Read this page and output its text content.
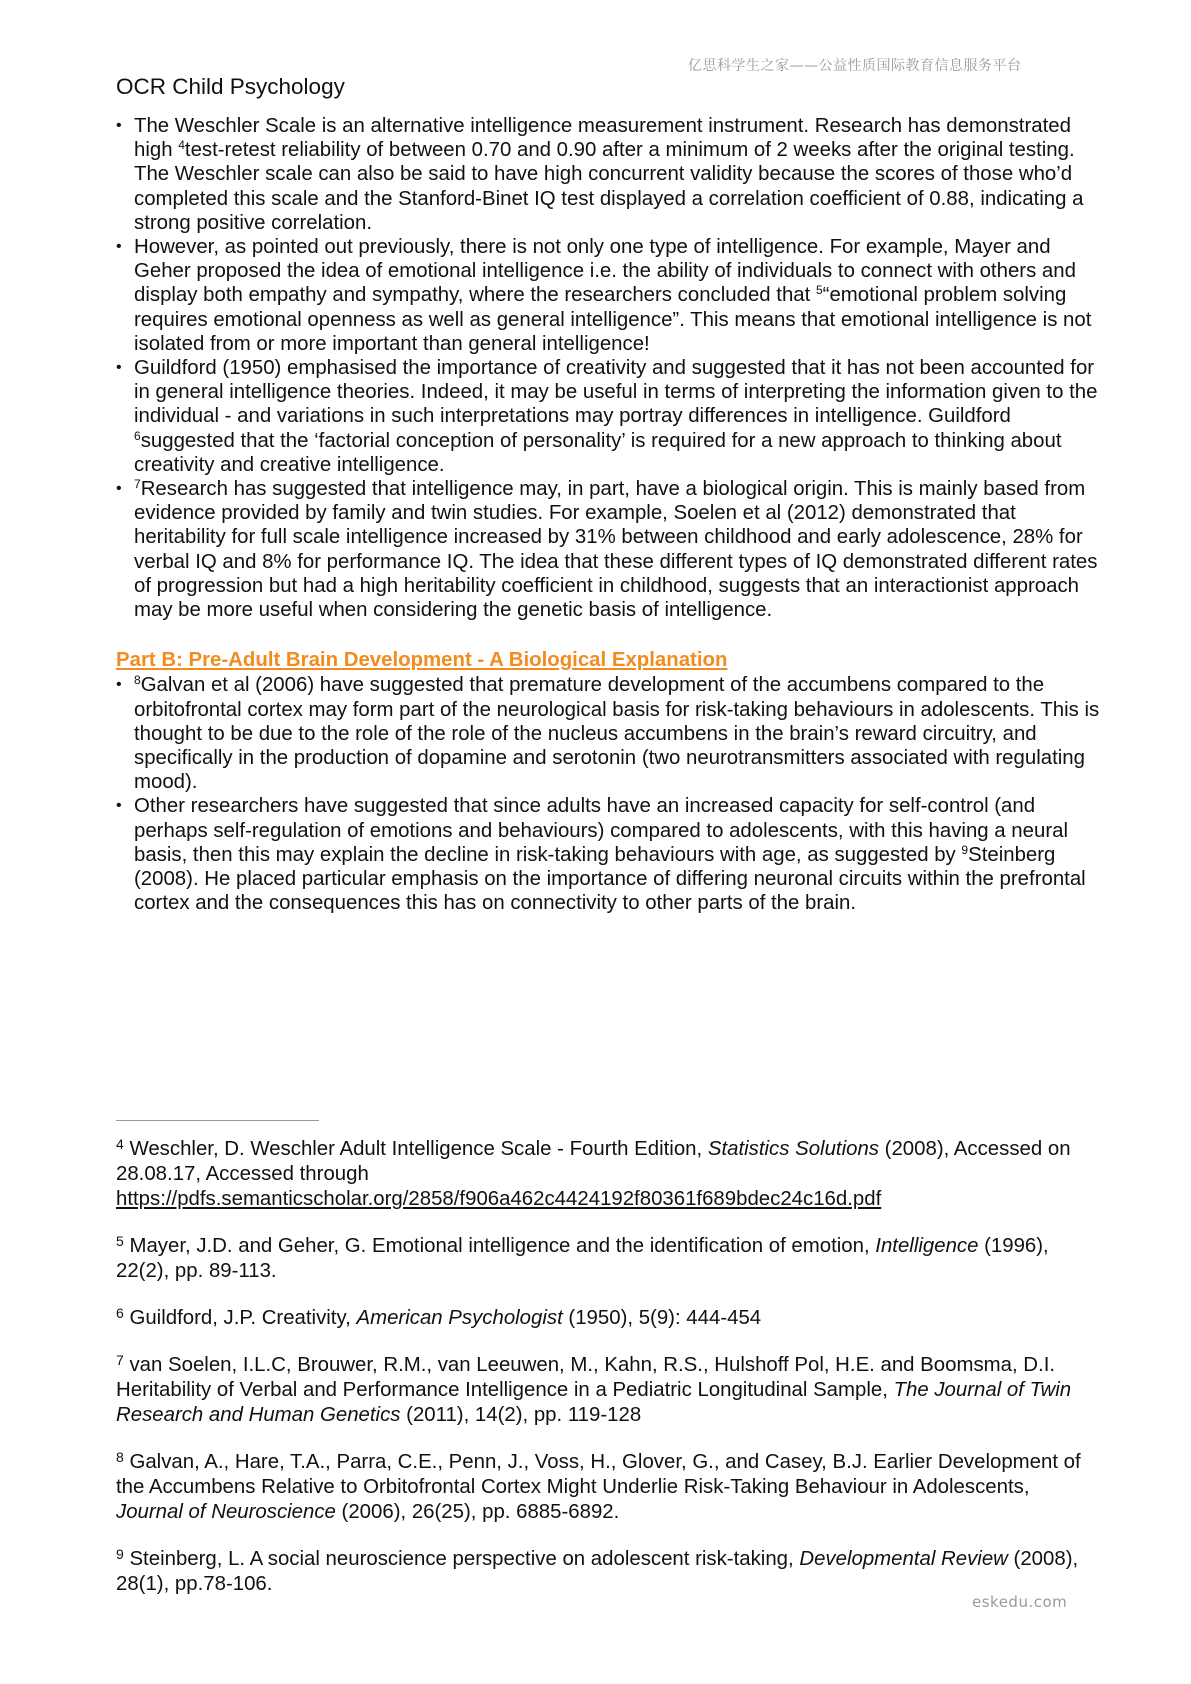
亿思科学生之家——公益性质国际教育信息服务平台
OCR Child Psychology
• The Weschler Scale is an alternative intelligence measurement instrument. Research has demonstrated high $^4$test-retest reliability of between 0.70 and 0.90 after a minimum of 2 weeks after the original testing. The Weschler scale can also be said to have high concurrent validity because the scores of those who’d completed this scale and the Stanford-Binet IQ test displayed a correlation coefficient of 0.88, indicating a strong positive correlation.
• However, as pointed out previously, there is not only one type of intelligence. For example, Mayer and Geher proposed the idea of emotional intelligence i.e. the ability of individuals to connect with others and display both empathy and sympathy, where the researchers concluded that $^5$“emotional problem solving requires emotional openness as well as general intelligence”. This means that emotional intelligence is not isolated from or more important than general intelligence!
• Guildford (1950) emphasised the importance of creativity and suggested that it has not been accounted for in general intelligence theories. Indeed, it may be useful in terms of interpreting the information given to the individual - and variations in such interpretations may portray differences in intelligence. Guildford $^6$suggested that the ‘factorial conception of personality’ is required for a new approach to thinking about creativity and creative intelligence.
•	$^7$Research has suggested that intelligence may, in part, have a biological origin. This is mainly based from evidence provided by family and twin studies. For example, Soelen et al (2012) demonstrated that heritability for full scale intelligence increased by 31% between childhood and early adolescence, 28% for verbal IQ and 8% for performance IQ. The idea that these different types of IQ demonstrated different rates of progression but had a high heritability coefficient in childhood, suggests that an interactionist approach may be more useful when considering the genetic basis of intelligence.
Part B: Pre-Adult Brain Development - A Biological Explanation
•	$^8$Galvan et al (2006) have suggested that premature development of the accumbens compared to the orbitofrontal cortex may form part of the neurological basis for risk-taking behaviours in adolescents. This is thought to be due to the role of the role of the nucleus accumbens in the brain’s reward circuitry, and specifically in the production of dopamine and serotonin (two neurotransmitters associated with regulating mood).
• Other researchers have suggested that since adults have an increased capacity for self-control (and perhaps self-regulation of emotions and behaviours) compared to adolescents, with this having a neural basis, then this may explain the decline in risk-taking behaviours with age, as suggested by $^9$Steinberg (2008). He placed particular emphasis on the importance of differing neuronal circuits within the prefrontal cortex and the consequences this has on connectivity to other parts of the brain.

$^4$ Weschler, D. Weschler Adult Intelligence Scale - Fourth Edition, Statistics Solutions (2008), Accessed on 28.08.17, Accessed through https://pdfs.semanticscholar.org/2858/f906a462c4424192f80361f689bdec24c16d.pdf

$^5$ Mayer, J.D. and Geher, G. Emotional intelligence and the identification of emotion, Intelligence (1996), 22(2), pp. 89-113.

$^6$ Guildford, J.P. Creativity, American Psychologist (1950), 5(9): 444-454

$^7$ van Soelen, I.L.C, Brouwer, R.M., van Leeuwen, M., Kahn, R.S., Hulshoff Pol, H.E. and Boomsma, D.I. Heritability of Verbal and Performance Intelligence in a Pediatric Longitudinal Sample, The Journal of Twin Research and Human Genetics (2011), 14(2), pp. 119-128

$^8$ Galvan, A., Hare, T.A., Parra, C.E., Penn, J., Voss, H., Glover, G., and Casey, B.J. Earlier Development of the Accumbens Relative to Orbitofrontal Cortex Might Underlie Risk-Taking Behaviour in Adolescents, Journal of Neuroscience (2006), 26(25), pp. 6885-6892.

$^9$ Steinberg, L. A social neuroscience perspective on adolescent risk-taking, Developmental Review (2008), 28(1), pp.78-106.

eskedu.com
